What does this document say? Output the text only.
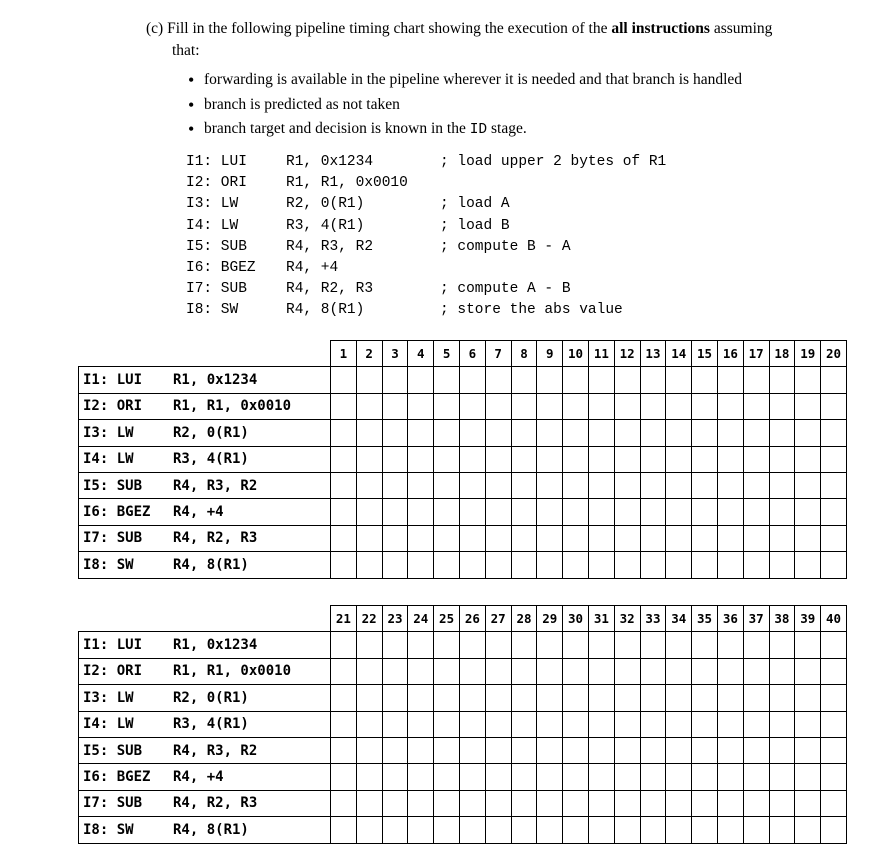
(c) Fill in the following pipeline timing chart showing the execution of the all instructions assuming
that:

• forwarding is available in the pipeline wherever it is needed and that branch is handled
• branch is predicted as not taken
• branch target and decision is known in the ID stage.
I1: LUI	R1, 0x1234	; load upper 2 bytes of R1
I2: ORI	R1, R1, 0x0010
I3: LW	R2, 0(R1)	; load A
I4: LW	R3, 4(R1)	; load B
I5: SUB	R4, R3, R2	; compute B - A
I6: BGEZ R4, +4
I7: SUB	R4, R2, R3	; compute A - B
I8: SW	R4, 8(R1)	; store the abs value
	1	2	3	4	5	6	7	8	9	10	11	12	13	14	15	16	17	18	19	20
I1: LUI R1, 0x1234																				
I2: ORI R1, R1, 0x0010																				
I3: LW R2, 0(R1)																				
I4: LW R3, 4(R1)																				
I5: SUB R4, R3, R2																				
I6: BGEZ R4, +4																				
I7: SUB R4, R2, R3																				
I8: SW R4, 8(R1)																				
	21	22	23	24	25	26	27	28	29	30	31	32	33	34	35	36	37	38	39	40
I1: LUI R1, 0x1234																				
I2: ORI R1, R1, 0x0010																				
I3: LW R2, 0(R1)																				
I4: LW R3, 4(R1)																				
I5: SUB R4, R3, R2																				
I6: BGEZ R4, +4																				
I7: SUB R4, R2, R3																				
I8: SW R4, 8(R1)																				
